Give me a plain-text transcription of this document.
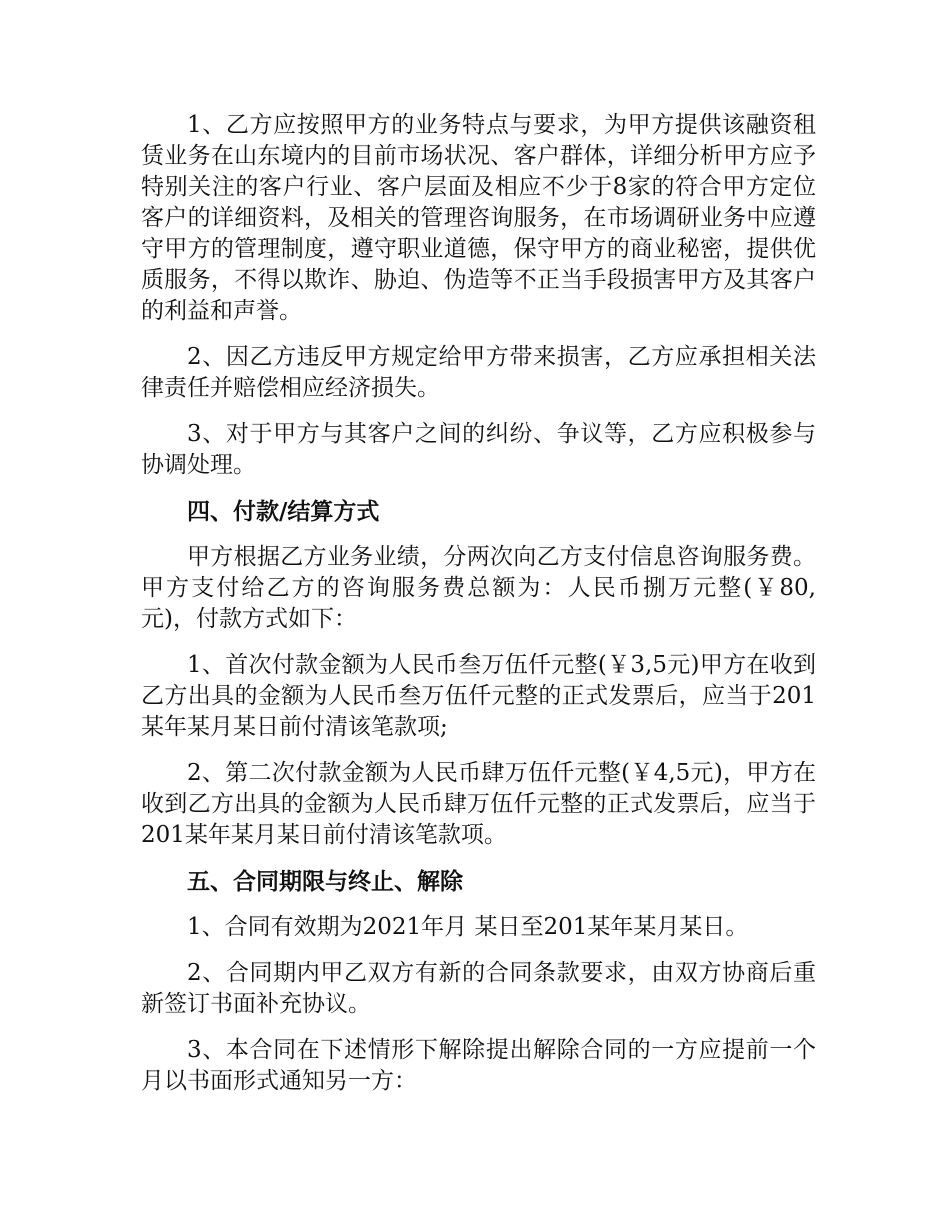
1、乙方应按照甲方的业务特点与要求，为甲方提供该融资租赁业务在山东境内的目前市场状况、客户群体，详细分析甲方应予特别关注的客户行业、客户层面及相应不少于8家的符合甲方定位客户的详细资料，及相关的管理咨询服务，在市场调研业务中应遵守甲方的管理制度，遵守职业道德，保守甲方的商业秘密，提供优质服务，不得以欺诈、胁迫、伪造等不正当手段损害甲方及其客户的利益和声誉。

2、因乙方违反甲方规定给甲方带来损害，乙方应承担相关法律责任并赔偿相应经济损失。

3、对于甲方与其客户之间的纠纷、争议等，乙方应积极参与协调处理。

四、付款/结算方式

甲方根据乙方业务业绩，分两次向乙方支付信息咨询服务费。甲方支付给乙方的咨询服务费总额为：人民币捌万元整(￥80,元)，付款方式如下：

1、首次付款金额为人民币叁万伍仟元整(￥3,5元)甲方在收到乙方出具的金额为人民币叁万伍仟元整的正式发票后，应当于201某年某月某日前付清该笔款项;

2、第二次付款金额为人民币肆万伍仟元整(￥4,5元)，甲方在收到乙方出具的金额为人民币肆万伍仟元整的正式发票后，应当于201某年某月某日前付清该笔款项。

五、合同期限与终止、解除

1、合同有效期为2021年月 某日至201某年某月某日。

2、合同期内甲乙双方有新的合同条款要求，由双方协商后重新签订书面补充协议。

3、本合同在下述情形下解除提出解除合同的一方应提前一个月以书面形式通知另一方：
